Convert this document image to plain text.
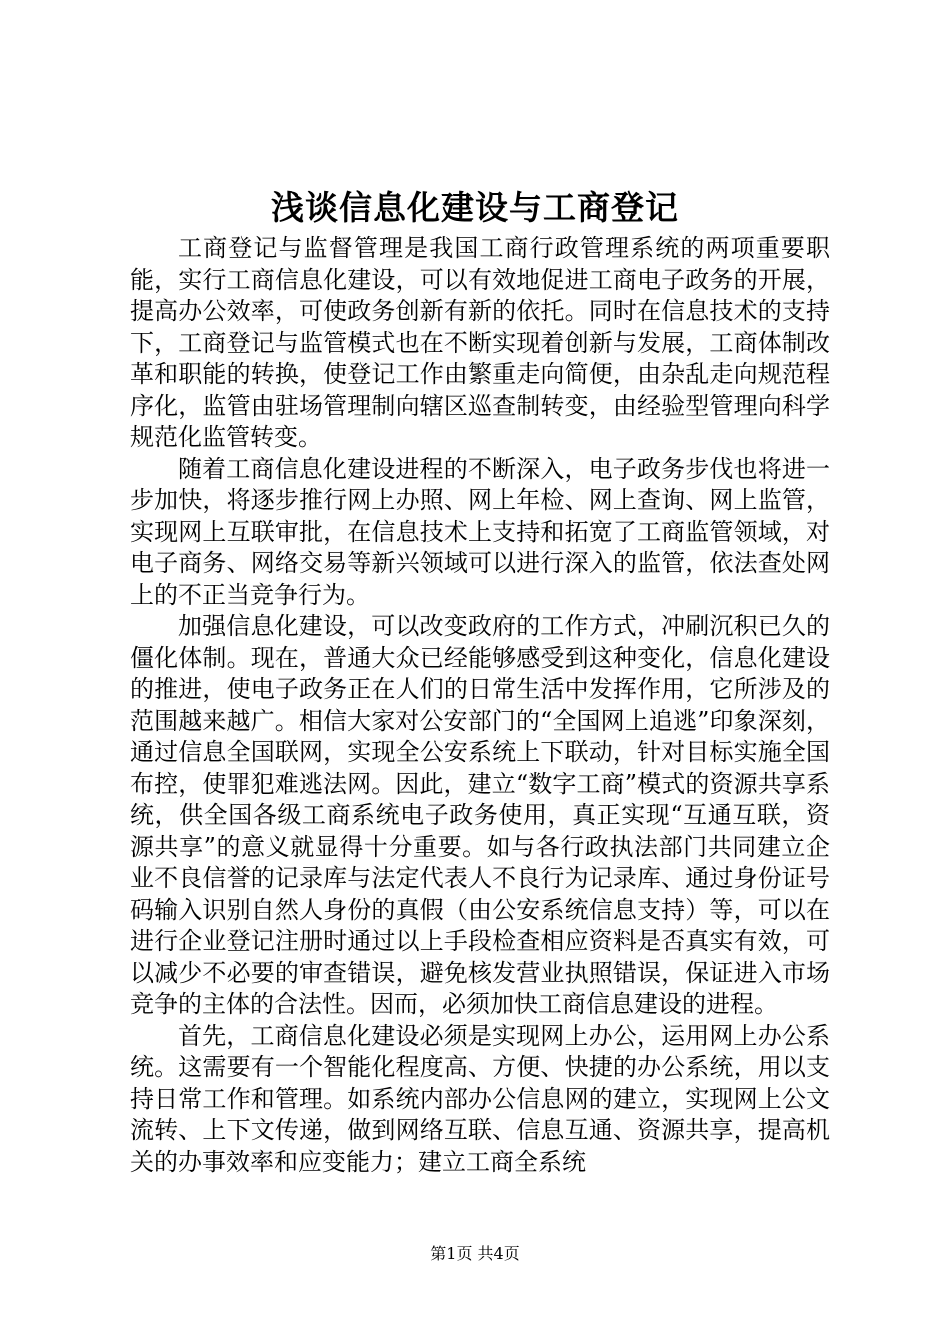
浅谈信息化建设与工商登记

工商登记与监督管理是我国工商行政管理系统的两项重要职能，实行工商信息化建设，可以有效地促进工商电子政务的开展，提高办公效率，可使政务创新有新的依托。同时在信息技术的支持下，工商登记与监管模式也在不断实现着创新与发展，工商体制改革和职能的转换，使登记工作由繁重走向简便，由杂乱走向规范程序化，监管由驻场管理制向辖区巡查制转变，由经验型管理向科学规范化监管转变。

随着工商信息化建设进程的不断深入，电子政务步伐也将进一步加快，将逐步推行网上办照、网上年检、网上查询、网上监管，实现网上互联审批，在信息技术上支持和拓宽了工商监管领域，对电子商务、网络交易等新兴领域可以进行深入的监管，依法查处网上的不正当竞争行为。

加强信息化建设，可以改变政府的工作方式，冲刷沉积已久的僵化体制。现在，普通大众已经能够感受到这种变化，信息化建设的推进，使电子政务正在人们的日常生活中发挥作用，它所涉及的范围越来越广。相信大家对公安部门的“全国网上追逃”印象深刻，通过信息全国联网，实现全公安系统上下联动，针对目标实施全国布控，使罪犯难逃法网。因此，建立“数字工商”模式的资源共享系统，供全国各级工商系统电子政务使用，真正实现“互通互联，资源共享”的意义就显得十分重要。如与各行政执法部门共同建立企业不良信誉的记录库与法定代表人不良行为记录库、通过身份证号码输入识别自然人身份的真假（由公安系统信息支持）等，可以在进行企业登记注册时通过以上手段检查相应资料是否真实有效，可以减少不必要的审查错误，避免核发营业执照错误，保证进入市场竞争的主体的合法性。因而，必须加快工商信息建设的进程。

首先，工商信息化建设必须是实现网上办公，运用网上办公系统。这需要有一个智能化程度高、方便、快捷的办公系统，用以支持日常工作和管理。如系统内部办公信息网的建立，实现网上公文流转、上下文传递，做到网络互联、信息互通、资源共享，提高机关的办事效率和应变能力；建立工商全系统

第1页 共4页
